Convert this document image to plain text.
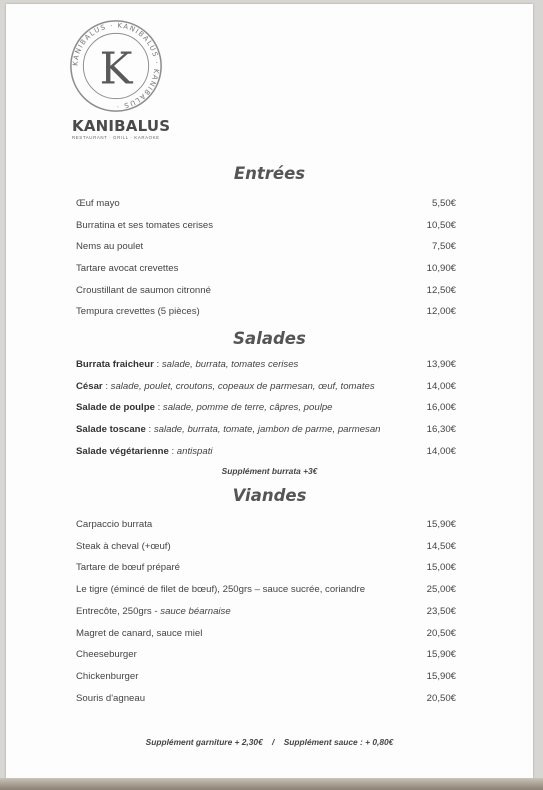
KANIBALUS · KANIBALUS · KANIBALUS ·
K
KANIBALUS
RESTAURANT · GRILL · KARAOKE
Entrées
Œuf mayo	5,50€
Burratina et ses tomates cerises	10,50€
Nems au poulet	7,50€
Tartare avocat crevettes	10,90€
Croustillant de saumon citronné	12,50€
Tempura crevettes (5 pièces)	12,00€
Salades
Burrata fraicheur : salade, burrata, tomates cerises	13,90€
César : salade, poulet, croutons, copeaux de parmesan, œuf, tomates	14,00€
Salade de poulpe : salade, pomme de terre, câpres, poulpe	16,00€
Salade toscane : salade, burrata, tomate, jambon de parme, parmesan	16,30€
Salade végétarienne : antispati	14,00€
Supplément burrata +3€
Viandes
Carpaccio burrata	15,90€
Steak à cheval (+œuf)	14,50€
Tartare de bœuf préparé	15,00€
Le tigre (émincé de filet de bœuf), 250grs – sauce sucrée, coriandre	25,00€
Entrecôte, 250grs - sauce béarnaise	23,50€
Magret de canard, sauce miel	20,50€
Cheeseburger	15,90€
Chickenburger	15,90€
Souris d'agneau	20,50€
Supplément garniture + 2,30€ / Supplément sauce : + 0,80€
